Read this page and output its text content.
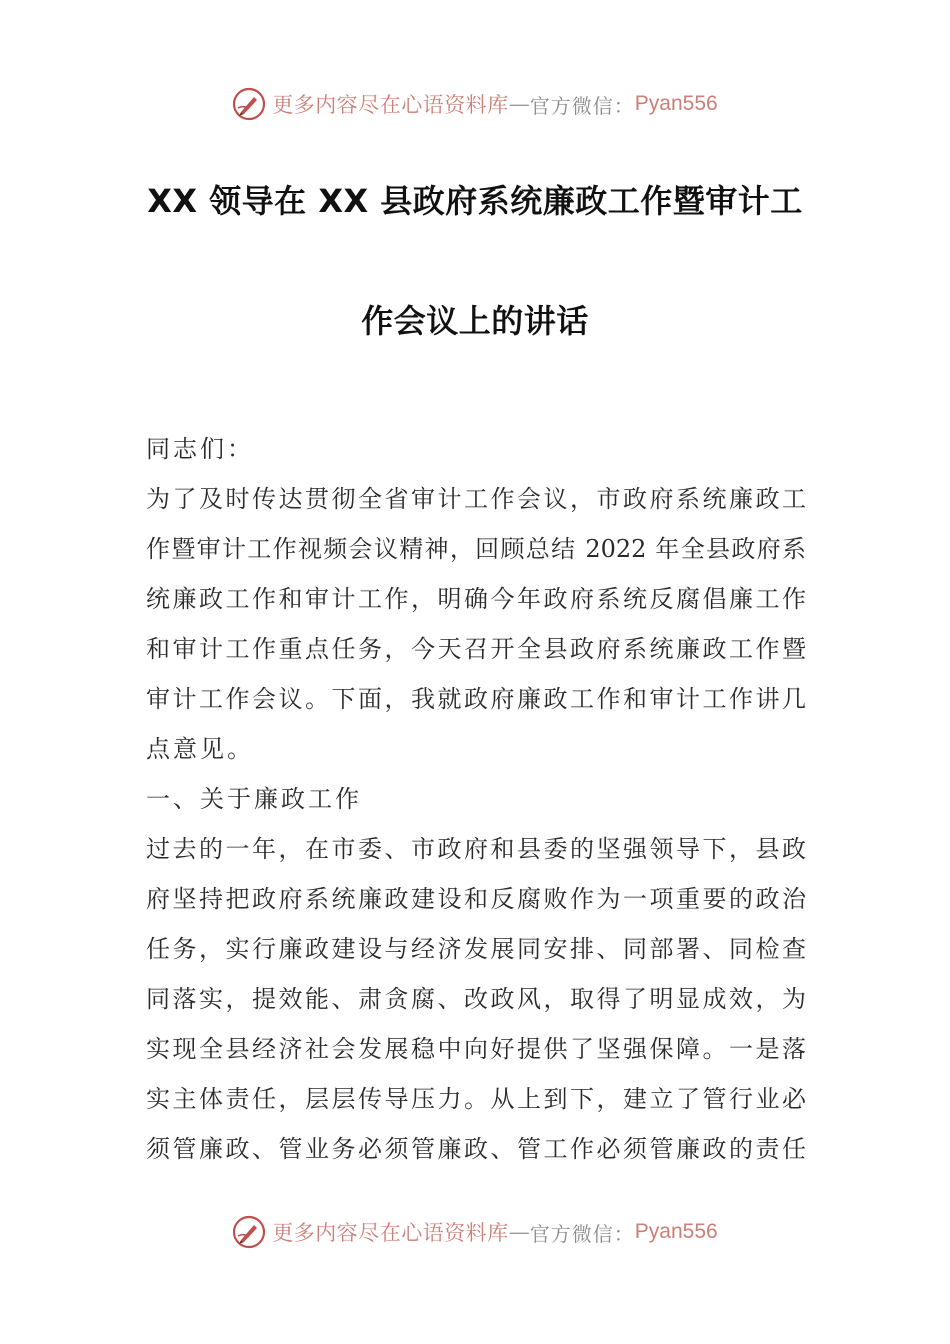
更多内容尽在心语资料库 — 官方微信： Pyan556
XX 领导在 XX 县政府系统廉政工作暨审计工
作会议上的讲话
同志们：
为了及时传达贯彻全省审计工作会议，市政府系统廉政工
作暨审计工作视频会议精神，回顾总结 2022 年全县政府系
统廉政工作和审计工作，明确今年政府系统反腐倡廉工作
和审计工作重点任务，今天召开全县政府系统廉政工作暨
审计工作会议。下面，我就政府廉政工作和审计工作讲几
点意见。
一、关于廉政工作
过去的一年，在市委、市政府和县委的坚强领导下，县政
府坚持把政府系统廉政建设和反腐败作为一项重要的政治
任务，实行廉政建设与经济发展同安排、同部署、同检查
同落实，提效能、肃贪腐、改政风，取得了明显成效，为
实现全县经济社会发展稳中向好提供了坚强保障。一是落
实主体责任，层层传导压力。从上到下，建立了管行业必
须管廉政、管业务必须管廉政、管工作必须管廉政的责任
更多内容尽在心语资料库 — 官方微信： Pyan556
